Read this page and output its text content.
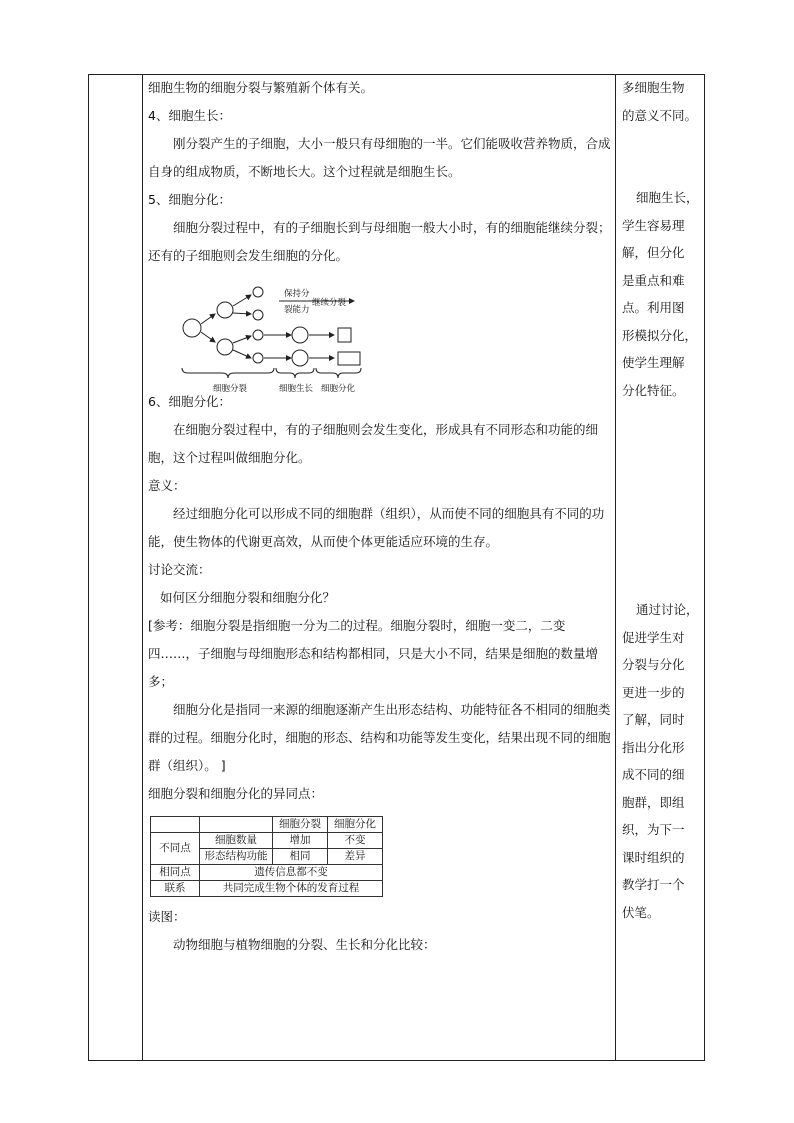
细胞生物的细胞分裂与繁殖新个体有关。

4、细胞生长：

刚分裂产生的子细胞，大小一般只有母细胞的一半。它们能吸收营养物质，合成自身的组成物质，不断地长大。这个过程就是细胞生长。

5、细胞分化：

细胞分裂过程中，有的子细胞长到与母细胞一般大小时，有的细胞能继续分裂；还有的子细胞则会发生细胞的分化。

保持分
裂能力
继续分裂
细胞分裂	细胞生长 细胞分化

6、细胞分化：

在细胞分裂过程中，有的子细胞则会发生变化，形成具有不同形态和功能的细胞，这个过程叫做细胞分化。

意义：

经过细胞分化可以形成不同的细胞群（组织），从而使不同的细胞具有不同的功能，使生物体的代谢更高效，从而使个体更能适应环境的生存。

讨论交流：

如何区分细胞分裂和细胞分化？

[参考：细胞分裂是指细胞一分为二的过程。细胞分裂时，细胞一变二，二变四……，子细胞与母细胞形态和结构都相同，只是大小不同，结果是细胞的数量增多；

细胞分化是指同一来源的细胞逐渐产生出形态结构、功能特征各不相同的细胞类群的过程。细胞分化时，细胞的形态、结构和功能等发生变化，结果出现不同的细胞群（组织）。 ]

细胞分裂和细胞分化的异同点：

		细胞分裂	细胞分化
不同点	细胞数量	增加	不变
	形态结构功能	相同	差异
相同点	遗传信息都不变		
联系	共同完成生物个体的发育过程		

读图：

动物细胞与植物细胞的分裂、生长和分化比较：

多细胞生物

的意义不同。

细胞生长，

学生容易理

解，但分化

是重点和难

点。利用图

形模拟分化，

使学生理解

分化特征。

通过讨论，

促进学生对

分裂与分化

更进一步的

了解，同时

指出分化形

成不同的细

胞群，即组

织，为下一

课时组织的

教学打一个

伏笔。
